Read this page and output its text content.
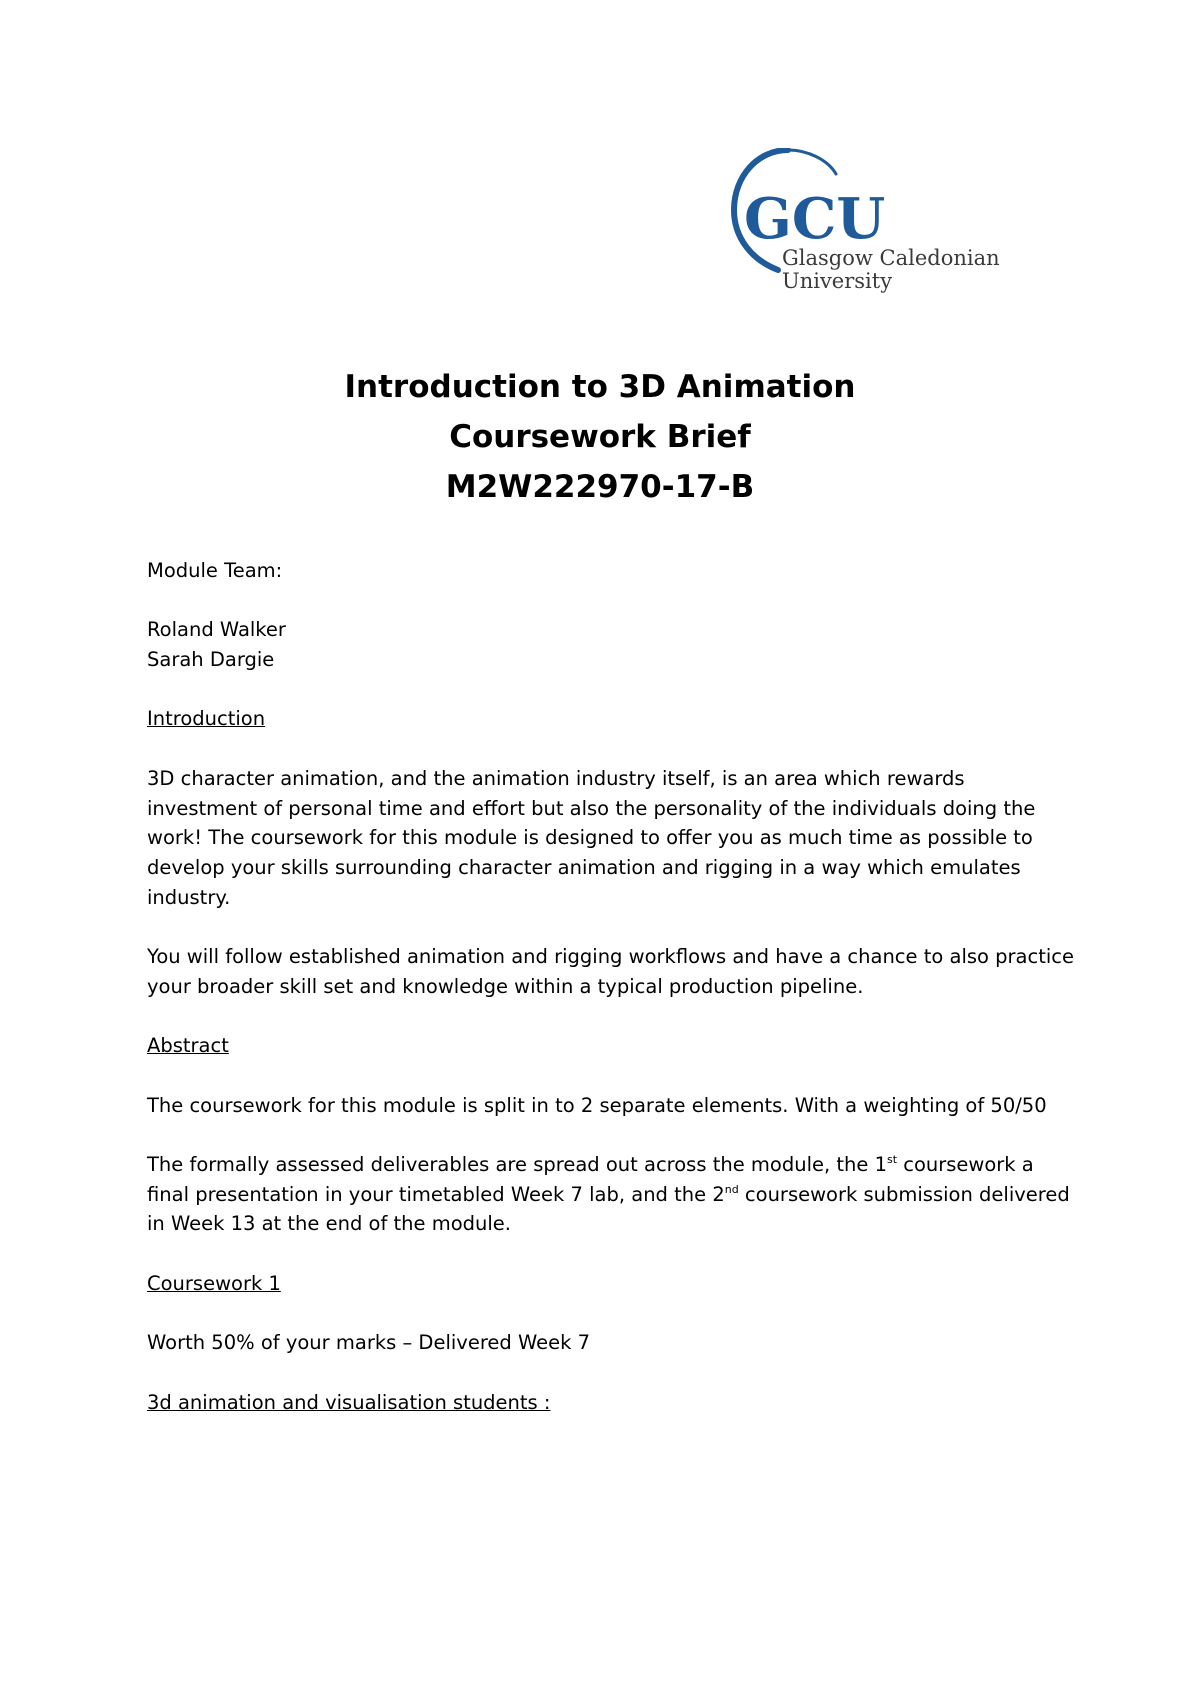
GCU
Glasgow Caledonian
University
Introduction to 3D Animation
Coursework Brief
M2W222970-17-B

Module Team:

Roland Walker
Sarah Dargie

Introduction

3D character animation, and the animation industry itself, is an area which rewards investment of personal time and effort but also the personality of the individuals doing the work! The coursework for this module is designed to offer you as much time as possible to develop your skills surrounding character animation and rigging in a way which emulates industry.

You will follow established animation and rigging workflows and have a chance to also practice your broader skill set and knowledge within a typical production pipeline.

Abstract

The coursework for this module is split in to 2 separate elements. With a weighting of 50/50

The formally assessed deliverables are spread out across the module, the 1st coursework a final presentation in your timetabled Week 7 lab, and the 2nd coursework submission delivered in Week 13 at the end of the module.

Coursework 1

Worth 50% of your marks – Delivered Week 7

3d animation and visualisation students :
